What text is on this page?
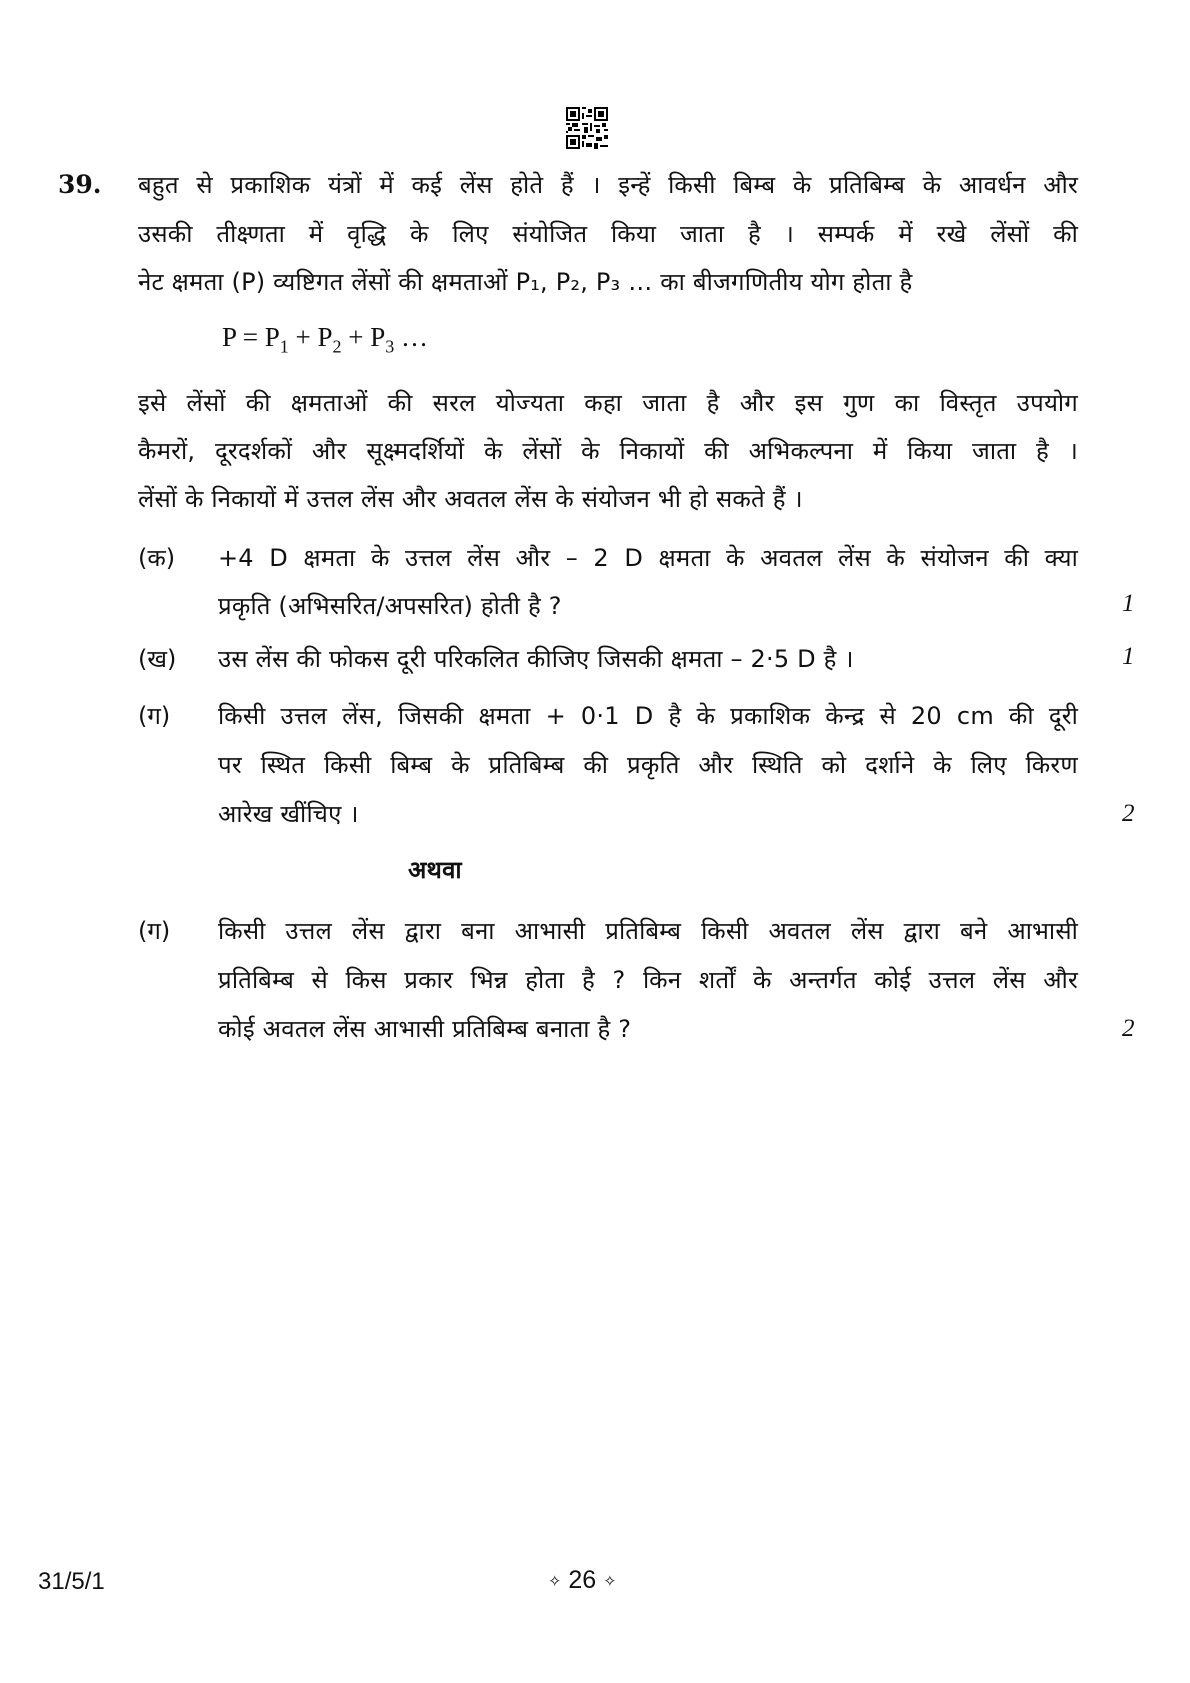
39. बहुत से प्रकाशिक यंत्रों में कई लेंस होते हैं । इन्हें किसी बिम्ब के प्रतिबिम्ब के आवर्धन और
उसकी तीक्ष्णता में वृद्धि के लिए संयोजित किया जाता है । सम्पर्क में रखे लेंसों की
नेट क्षमता (P) व्यष्टिगत लेंसों की क्षमताओं P₁, P₂, P₃ … का बीजगणितीय योग होता है
$P = P_1 + P_2 + P_3$ …
इसे लेंसों की क्षमताओं की सरल योज्यता कहा जाता है और इस गुण का विस्तृत उपयोग
कैमरों, दूरदर्शकों और सूक्ष्मदर्शियों के लेंसों के निकायों की अभिकल्पना में किया जाता है ।
लेंसों के निकायों में उत्तल लेंस और अवतल लेंस के संयोजन भी हो सकते हैं ।
(क) +4 D क्षमता के उत्तल लेंस और – 2 D क्षमता के अवतल लेंस के संयोजन की क्या
प्रकृति (अभिसरित/अपसरित) होती है ?	1
(ख) उस लेंस की फोकस दूरी परिकलित कीजिए जिसकी क्षमता – 2·5 D है ।	1
(ग) किसी उत्तल लेंस, जिसकी क्षमता + 0·1 D है के प्रकाशिक केन्द्र से 20 cm की दूरी
पर स्थित किसी बिम्ब के प्रतिबिम्ब की प्रकृति और स्थिति को दर्शाने के लिए किरण
आरेख खींचिए ।	2
अथवा
(ग) किसी उत्तल लेंस द्वारा बना आभासी प्रतिबिम्ब किसी अवतल लेंस द्वारा बने आभासी
प्रतिबिम्ब से किस प्रकार भिन्न होता है ? किन शर्तों के अन्तर्गत कोई उत्तल लेंस और
कोई अवतल लेंस आभासी प्रतिबिम्ब बनाता है ?	2
31/5/1	✧ 26 ✧
